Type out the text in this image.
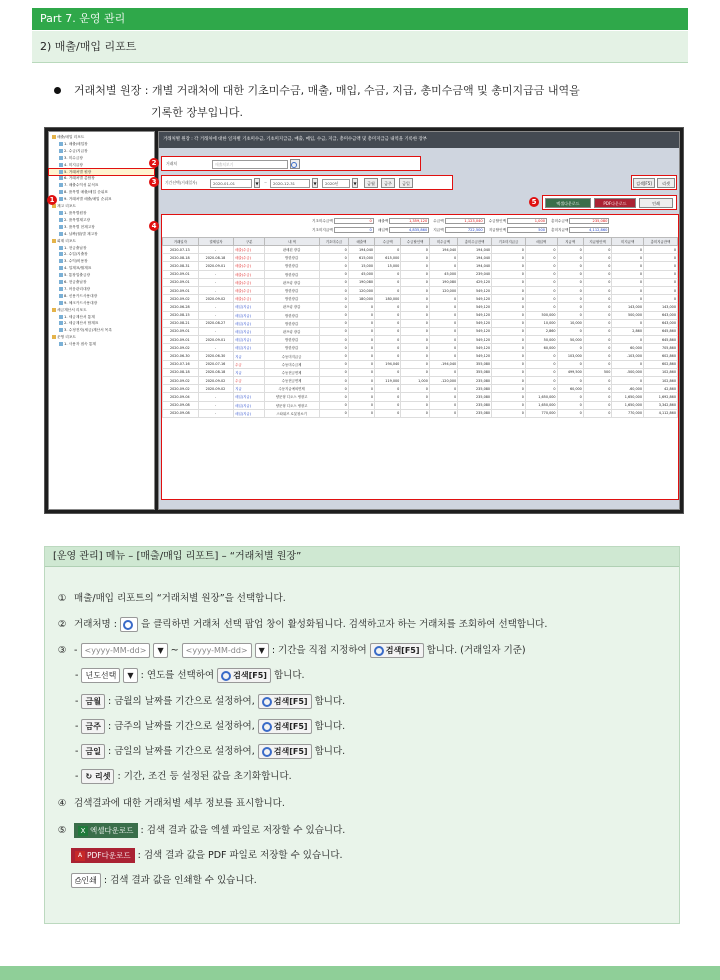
Part 7. 운영 관리
2) 매출/매입 리포트
거래처별 원장 : 개별 거래처에 대한 기초미수금, 매출, 매입, 수금, 지급, 총미수금액 및 총미지급금 내역을
기록한 장부입니다.
매출/매입 리포트
1. 매출/매입장
2. 수금/지급장
3. 미수금장
4. 미지급장
5. 거래처별 원장
6. 거래처별 총합장
7. 매출수익성 분석표
8. 품목별 매출/매입 순위표
9. 거래처별 매출/매입 순위표
재고 리포트
1. 품목별원장
2. 품목별재고장
3. 품목별 현재고장
4. 날짜(월)별 재고장
회계 리포트
1. 현금출납장
2. 수입/지출장
3. 수익/비용장
4. 일계표/월계표
5. 통장입출금장
6. 현금출납장
7. 어음관리대장
8. 신용카드사용대장
9. 체크카드사용대장
세금계산서 리포트
1. 세금계산서 통계
2. 세금계산서 합계표
3. 수정전자(세금)계산서 목록
운영 리포트
1. 사용자 접속 통계
1
거래처별 원장 : 각 거래처에 대한 일자별 기초미수금, 기초미지급금, 매출, 매입, 수금, 지급, 총미수금액 및 총미지급금 내역을 기록한 장부
거래처	매출처보기
2
기간선택(거래일자)	2020-01-01	▼	~	2020-12-31	▼	2020년	▼	금월	금주	금일
3	검색[F5]	리셋
엑셀다운로드	PDF다운로드	인쇄
5
기초미수금액	0 매출액	1,359,120 수금액	1,123,040 수금할인액	1,000 총미수금액	235,080
기초미지급액	0 매입액	4,835,860 지급액	722,500 지급할인액	500 총미지급액	4,112,860
거래일자	결제일자	구분	내 역	기초미수금	매출액	수금액	수금할인액	미수금액	총미수금잔액	기초미지급금	매입액	지급액	지급할인액	미지급액	총미지급잔액
2020-07-13	-	매출(수금)	판매된 장갑	0	194,040	0	0	194,040	194,040	0	0	0	0	0	0
2020-08-18	2020-08-18	매출(수금)	방한장갑	0	615,000	615,000	0	0	194,040	0	0	0	0	0	0
2020-08-31	2020-09-01	매출(수금)	방한장갑	0	15,000	15,000	0	0	194,040	0	0	0	0	0	0
2020-09-01	-	매출(수금)	방한장갑	0	45,000	0	0	45,000	239,040	0	0	0	0	0	0
2020-09-01	-	매출(수금)	판프링 장갑	0	190,080	0	0	190,080	429,120	0	0	0	0	0	0
2020-09-01	-	매출(수금)	방한장갑	0	120,000	0	0	120,000	549,120	0	0	0	0	0	0
2020-09-02	2020-09-02	매출(수금)	방한장갑	0	180,000	180,000	0	0	549,120	0	0	0	0	0	0
2020-06-28	-	매입(지급)	판프링 장갑	0	0	0	0	0	549,120	0	0	0	0	143,000	143,000
2020-08-15	-	매입(지급)	방한장갑	0	0	0	0	0	549,120	0	500,000	0	0	500,000	643,000
2020-08-21	2020-08-27	매입(지급)	방한장갑	0	0	0	0	0	549,120	0	10,000	10,000	0	0	643,000
2020-09-01	-	매입(지급)	판프링 장갑	0	0	0	0	0	549,120	0	2,860	0	0	2,860	645,860
2020-09-01	2020-09-01	매입(지급)	방한장갑	0	0	0	0	0	549,120	0	50,000	50,000	0	0	645,860
2020-09-02	-	매입(지급)	방한장갑	0	0	0	0	0	549,120	0	60,000	0	0	60,000	705,860
2020-06-30	2020-06-30	지급	수동미지급금	0	0	0	0	0	549,120	0	0	103,000	0	-103,000	602,860
2020-07-16	2020-07-16	수금	수동미수금제	0	0	194,040	0	-194,040	355,080	0	0	0	0	0	602,860
2020-08-18	2020-08-18	지급	수동현금면제	0	0	0	0	0	355,080	0	0	499,500	500	-500,000	102,860
2020-09-02	2020-09-02	수금	수동현금면제	0	0	119,000	1,000	-120,000	235,080	0	0	0	0	0	102,860
2020-09-02	2020-09-02	지급	수동지급예외면제	0	0	0	0	0	235,080	0	0	60,000	0	-60,000	42,860
2020-09-04	-	매입(지급)	양문형 디오스 냉장고	0	0	0	0	0	235,080	0	1,650,000	0	0	1,650,000	1,692,860
2020-09-08	-	매입(지급)	양문형 디오스 냉장고	0	0	0	0	0	235,080	0	1,650,000	0	0	1,650,000	3,342,860
2020-09-08	-	매입(지급)	스타워즈 로봇청소기	0	0	0	0	0	235,080	0	770,000	0	0	770,000	4,112,860
4
[운영 관리] 메뉴 – [매출/매입 리포트] – “거래처별 원장”
① 매출/매입 리포트의 “거래처별 원장”을 선택합니다.
② 거래처명 :	을 클릭하면 거래처 선택 팝업 창이 활성화됩니다. 검색하고자 하는 거래처를 조회하여 선택합니다.
③ - <yyyy-MM-dd> ▼ ~ <yyyy-MM-dd> ▼ : 기간을 직접 지정하여 검색[F5] 합니다. (거래일자 기준)
- 년도선택 ▼ : 연도를 선택하여 검색[F5] 합니다.
- 금월 : 금월의 날짜를 기간으로 설정하여, 검색[F5] 합니다.
- 금주 : 금주의 날짜를 기간으로 설정하여, 검색[F5] 합니다.
- 금일 : 금일의 날짜를 기간으로 설정하여, 검색[F5] 합니다.
- ↻ 리셋 : 기간, 조건 등 설정된 값을 초기화합니다.
④ 검색결과에 대한 거래처별 세부 정보를 표시합니다.
⑤ X 엑셀다운로드 : 검색 결과 값을 엑셀 파일로 저장할 수 있습니다.
A PDF다운로드 : 검색 결과 값을 PDF 파일로 저장할 수 있습니다.
⎙인쇄 : 검색 결과 값을 인쇄할 수 있습니다.
